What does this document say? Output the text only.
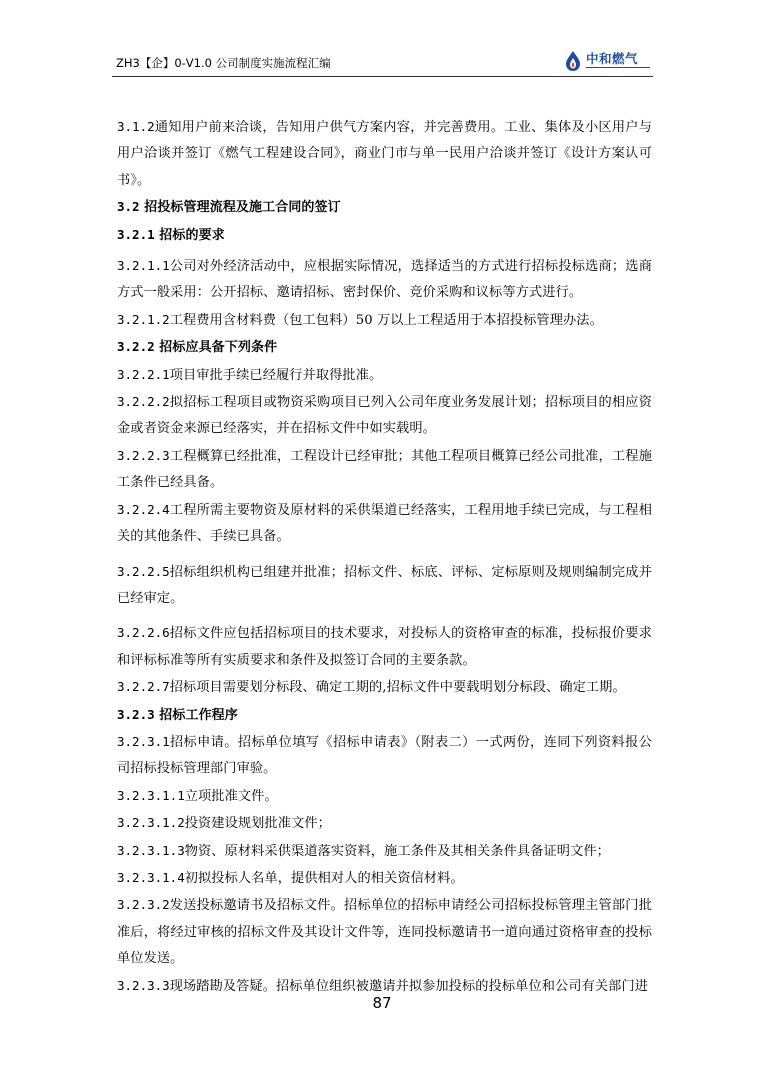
ZH3【企】0-V1.0 公司制度实施流程汇编	中和燃气

3.1.2通知用户前来洽谈，告知用户供气方案内容，并完善费用。工业、集体及小区用户与用户洽谈并签订《燃气工程建设合同》，商业门市与单一民用户洽谈并签订《设计方案认可书》。

3.2 招投标管理流程及施工合同的签订

3.2.1 招标的要求

3.2.1.1公司对外经济活动中，应根据实际情况，选择适当的方式进行招标投标选商；选商方式一般采用：公开招标、邀请招标、密封保价、竞价采购和议标等方式进行。

3.2.1.2工程费用含材料费（包工包料）50 万以上工程适用于本招投标管理办法。

3.2.2 招标应具备下列条件

3.2.2.1项目审批手续已经履行并取得批准。

3.2.2.2拟招标工程项目或物资采购项目已列入公司年度业务发展计划；招标项目的相应资金或者资金来源已经落实，并在招标文件中如实载明。

3.2.2.3工程概算已经批准，工程设计已经审批；其他工程项目概算已经公司批准，工程施工条件已经具备。

3.2.2.4工程所需主要物资及原材料的采供渠道已经落实，工程用地手续已完成，与工程相关的其他条件、手续已具备。

3.2.2.5招标组织机构已组建并批准；招标文件、标底、评标、定标原则及规则编制完成并已经审定。

3.2.2.6招标文件应包括招标项目的技术要求，对投标人的资格审查的标准，投标报价要求和评标标准等所有实质要求和条件及拟签订合同的主要条款。

3.2.2.7招标项目需要划分标段、确定工期的,招标文件中要载明划分标段、确定工期。

3.2.3 招标工作程序

3.2.3.1招标申请。招标单位填写《招标申请表》（附表二）一式两份，连同下列资料报公司招标投标管理部门审验。

3.2.3.1.1立项批准文件。

3.2.3.1.2投资建设规划批准文件；

3.2.3.1.3物资、原材料采供渠道落实资料，施工条件及其相关条件具备证明文件；

3.2.3.1.4初拟投标人名单，提供相对人的相关资信材料。

3.2.3.2发送投标邀请书及招标文件。招标单位的招标申请经公司招标投标管理主管部门批准后，将经过审核的招标文件及其设计文件等，连同投标邀请书一道向通过资格审查的投标单位发送。

3.2.3.3现场踏勘及答疑。招标单位组织被邀请并拟参加投标的投标单位和公司有关部门进

87
